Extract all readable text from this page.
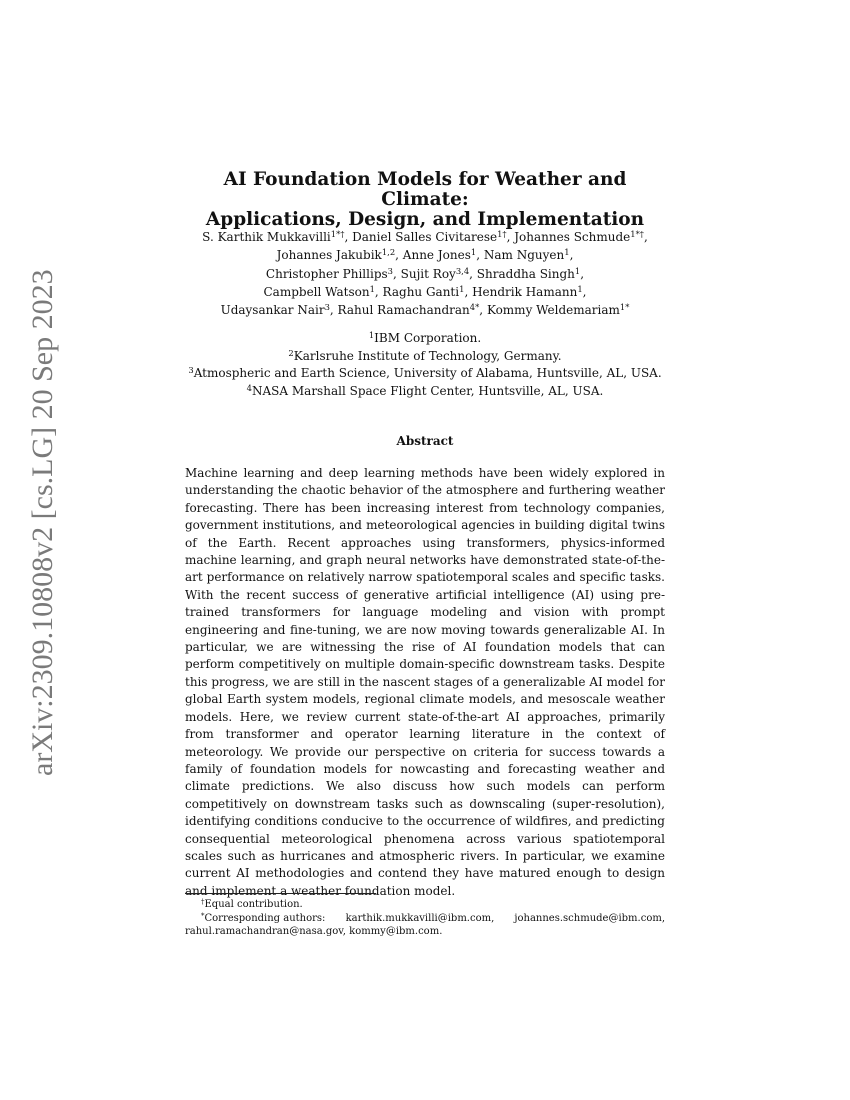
arXiv:2309.10808v2 [cs.LG] 20 Sep 2023
AI Foundation Models for Weather and Climate:
Applications, Design, and Implementation
S. Karthik Mukkavilli$^{1*\dagger}$, Daniel Salles Civitarese$^{1\dagger}$, Johannes Schmude$^{1*\dagger}$,
Johannes Jakubik$^{1,2}$, Anne Jones$^1$, Nam Nguyen$^1$,
Christopher Phillips$^3$, Sujit Roy$^{3,4}$, Shraddha Singh$^1$,
Campbell Watson$^1$, Raghu Ganti$^1$, Hendrik Hamann$^1$,
Udaysankar Nair$^3$, Rahul Ramachandran$^{4*}$, Kommy Weldemariam$^{1*}$
$^1$IBM Corporation.
$^2$Karlsruhe Institute of Technology, Germany.
$^3$Atmospheric and Earth Science, University of Alabama, Huntsville, AL, USA.
$^4$NASA Marshall Space Flight Center, Huntsville, AL, USA.
Abstract
Machine learning and deep learning methods have been widely explored in understanding the chaotic behavior of the atmosphere and furthering weather forecasting. There has been increasing interest from technology companies, government institutions, and meteorological agencies in building digital twins of the Earth. Recent approaches using transformers, physics-informed machine learning, and graph neural networks have demonstrated state-of-the-art performance on relatively narrow spatiotemporal scales and specific tasks. With the recent success of generative artificial intelligence (AI) using pre-trained transformers for language modeling and vision with prompt engineering and fine-tuning, we are now moving towards generalizable AI. In particular, we are witnessing the rise of AI foundation models that can perform competitively on multiple domain-specific downstream tasks. Despite this progress, we are still in the nascent stages of a generalizable AI model for global Earth system models, regional climate models, and mesoscale weather models. Here, we review current state-of-the-art AI approaches, primarily from transformer and operator learning literature in the context of meteorology. We provide our perspective on criteria for success towards a family of foundation models for nowcasting and forecasting weather and climate predictions. We also discuss how such models can perform competitively on downstream tasks such as downscaling (super-resolution), identifying conditions conducive to the occurrence of wildfires, and predicting consequential meteorological phenomena across various spatiotemporal scales such as hurricanes and atmospheric rivers. In particular, we examine current AI methodologies and contend they have matured enough to design and implement a weather foundation model.
†Equal contribution.
*Corresponding authors: karthik.mukkavilli@ibm.com, johannes.schmude@ibm.com,
rahul.ramachandran@nasa.gov, kommy@ibm.com.
